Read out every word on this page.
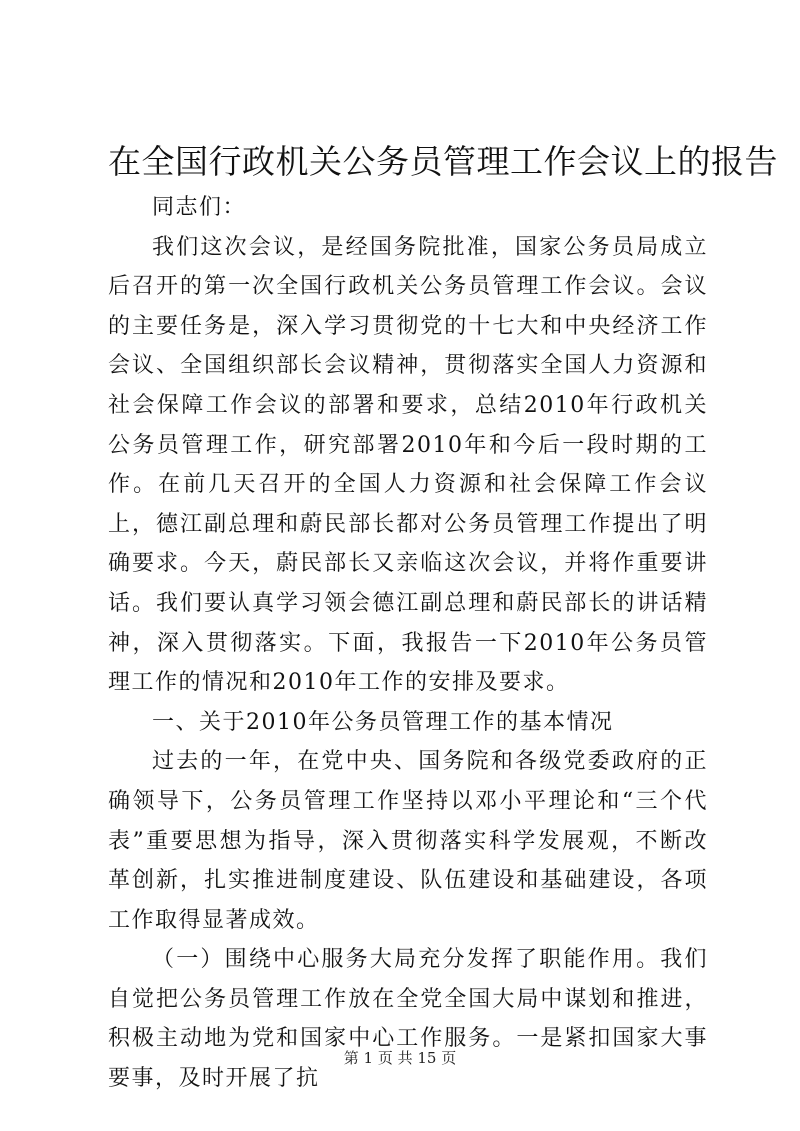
在全国行政机关公务员管理工作会议上的报告

同志们：

我们这次会议，是经国务院批准，国家公务员局成立后召开的第一次全国行政机关公务员管理工作会议。会议的主要任务是，深入学习贯彻党的十七大和中央经济工作会议、全国组织部长会议精神，贯彻落实全国人力资源和社会保障工作会议的部署和要求，总结2010年行政机关公务员管理工作，研究部署2010年和今后一段时期的工作。在前几天召开的全国人力资源和社会保障工作会议上，德江副总理和蔚民部长都对公务员管理工作提出了明确要求。今天，蔚民部长又亲临这次会议，并将作重要讲话。我们要认真学习领会德江副总理和蔚民部长的讲话精神，深入贯彻落实。下面，我报告一下2010年公务员管理工作的情况和2010年工作的安排及要求。

一、关于2010年公务员管理工作的基本情况

过去的一年，在党中央、国务院和各级党委政府的正确领导下，公务员管理工作坚持以邓小平理论和“三个代表”重要思想为指导，深入贯彻落实科学发展观，不断改革创新，扎实推进制度建设、队伍建设和基础建设，各项工作取得显著成效。

（一）围绕中心服务大局充分发挥了职能作用。我们自觉把公务员管理工作放在全党全国大局中谋划和推进，积极主动地为党和国家中心工作服务。一是紧扣国家大事要事，及时开展了抗

第 1 页 共 15 页
